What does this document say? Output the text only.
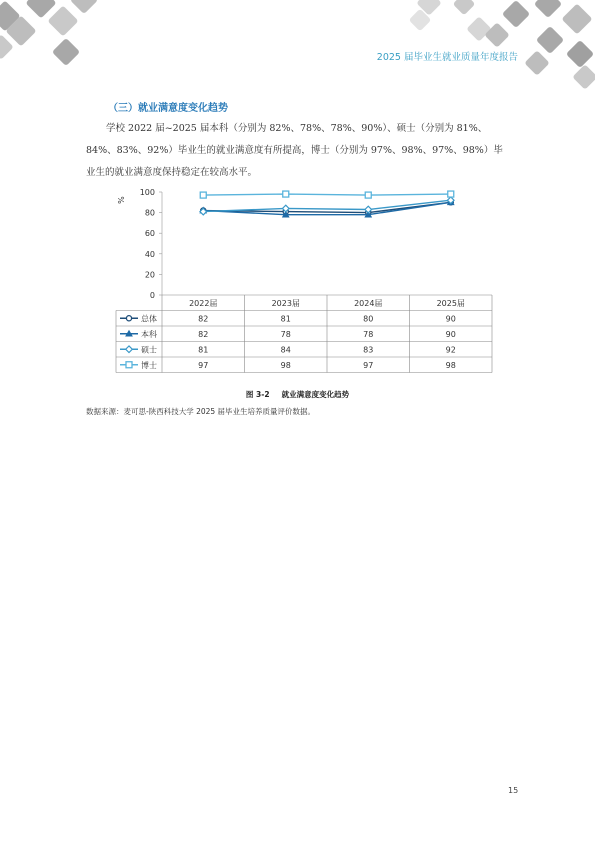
2025 届毕业生就业质量年度报告
（三）就业满意度变化趋势

学校 2022 届~2025 届本科（分别为 82%、78%、78%、90%）、硕士（分别为 81%、84%、83%、92%）毕业生的就业满意度有所提高，博士（分别为 97%、98%、97%、98%）毕业生的就业满意度保持稳定在较高水平。

0
20
40
60
80
100
%
2022届	2023届	2024届	2025届
总体	82	81	80	90
本科	82	78	78	90
硕士	81	84	83	92
博士	97	98	97	98
图 3-2 就业满意度变化趋势
数据来源：麦可思-陕西科技大学 2025 届毕业生培养质量评价数据。
15
